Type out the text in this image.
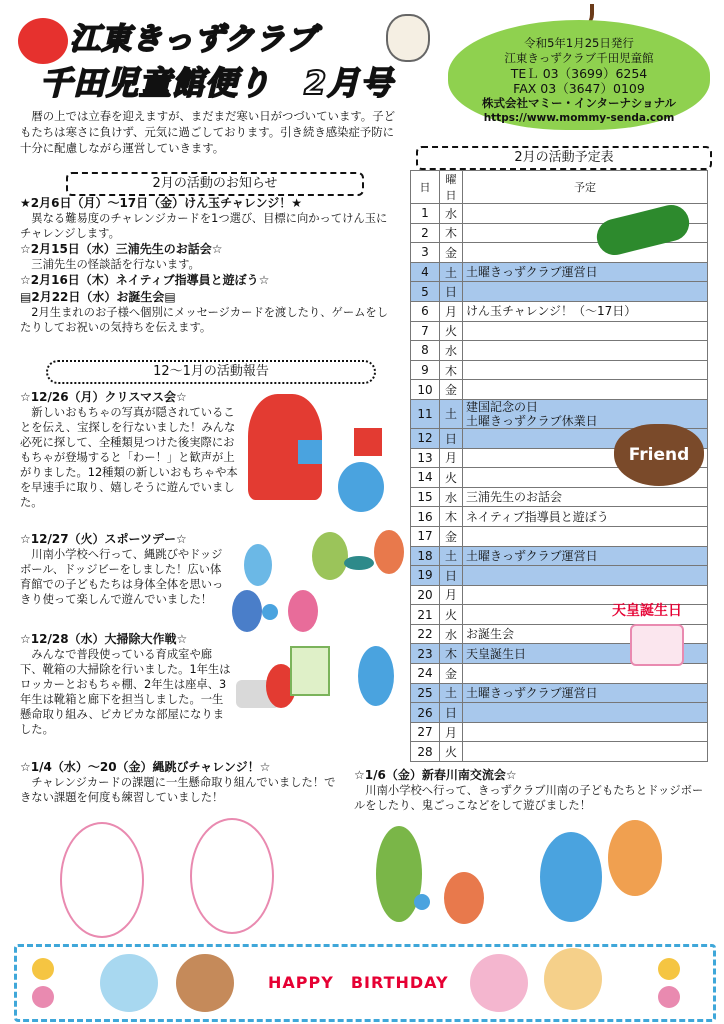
江東きっずクラブ
千田児童館便り　2月号
令和5年1月25日発行
江東きっずクラブ千田児童館
TEＬ 03（3699）6254
FAX 03（3647）0109
株式会社マミー・インターナショナル
https://www.mommy-senda.com
暦の上では立春を迎えますが、まだまだ寒い日がつづいています。子どもたちは寒さに負けず、元気に過ごしております。引き続き感染症予防に十分に配慮しながら運営していきます。
2月の活動のお知らせ
★2月6日（月）～17日（金）けん玉チャレンジ！★
異なる難易度のチャレンジカードを1つ選び、目標に向かってけん玉にチャレンジします。
☆2月15日（水）三浦先生のお話会☆
三浦先生の怪談話を行ないます。
☆2月16日（木）ネイティブ指導員と遊ぼう☆
▤2月22日（水）お誕生会▤
2月生まれのお子様へ個別にメッセージカードを渡したり、ゲームをしたりしてお祝いの気持ちを伝えます。
12～1月の活動報告
☆12/26（月）クリスマス会☆
新しいおもちゃの写真が隠されていることを伝え、宝探しを行ないました！みんな必死に探して、全種類見つけた後実際におもちゃが登場すると「わー！」と歓声が上がりました。12種類の新しいおもちゃや本を早速手に取り、嬉しそうに遊んでいました。
☆12/27（火）スポーツデー☆
川南小学校へ行って、縄跳びやドッジボール、ドッジビーをしました！広い体育館での子どもたちは身体全体を思いっきり使って楽しんで遊んでいました！
☆12/28（水）大掃除大作戦☆
みんなで普段使っている育成室や廊下、靴箱の大掃除を行いました。1年生はロッカーとおもちゃ棚、2年生は座卓、3年生は靴箱と廊下を担当しました。一生懸命取り組み、ピカピカな部屋になりました。
☆1/4（水）～20（金）縄跳びチャレンジ！☆
チャレンジカードの課題に一生懸命取り組んでいました！できない課題を何度も練習していました！
☆1/6（金）新春川南交流会☆
川南小学校へ行って、きっずクラブ川南の子どもたちとドッジボールをしたり、鬼ごっこなどをして遊びました！
2月の活動予定表
日	曜日	予定
1	水	
2	木	
3	金	
4	土	土曜きっずクラブ運営日
5	日	
6	月	けん玉チャレンジ！（～17日）
7	火	
8	水	
9	木	
10	金	
11	土	建国記念の日
土曜きっずクラブ休業日
12	日	
13	月	
14	火	
15	水	三浦先生のお話会
16	木	ネイティブ指導員と遊ぼう
17	金	
18	土	土曜きっずクラブ運営日
19	日	
20	月	
21	火	
22	水	お誕生会
23	木	天皇誕生日
24	金	
25	土	土曜きっずクラブ運営日
26	日	
27	月	
28	火	
Friend
天皇誕生日
HAPPY　BIRTHDAY
